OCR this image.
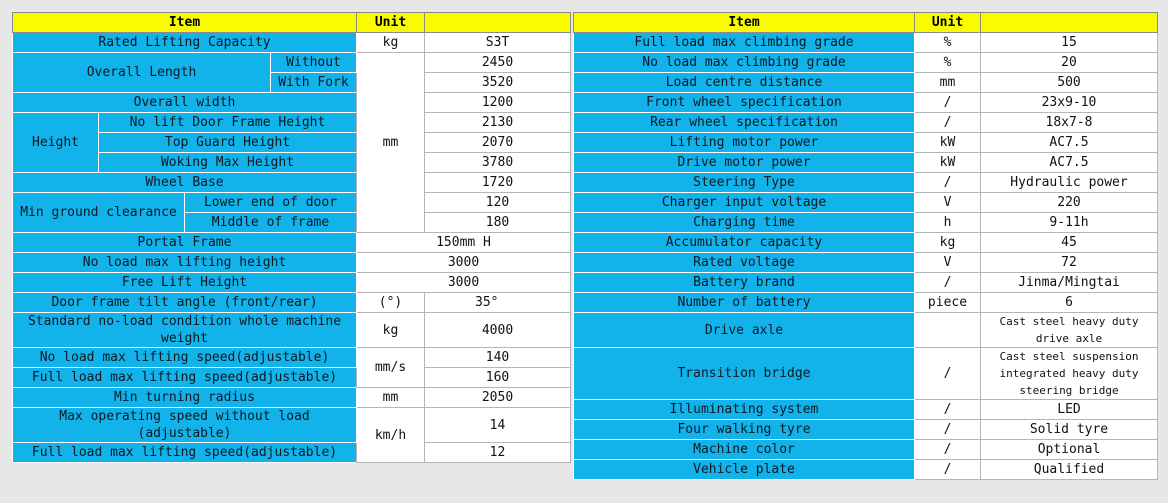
Item				Unit	
Rated Lifting Capacity				kg	S3T
Overall Length			Without	mm	2450
			With Fork		3520
Overall width					1200

Height	No lift Door Frame Height				2130
	Top Guard Height				2070
	Woking Max Height				3780
Wheel Base					1720
Min ground clearance		Lower end of door			120
		Middle of frame			180
Portal Frame				150mm H	
No load max lifting height				3000	
Free Lift Height				3000	
Door frame tilt angle (front/rear)				(°)	35°
Standard no-load condition whole machine weight				kg	4000

No load max lifting speed(adjustable)				mm/s	140
Full load max lifting speed(adjustable)					160
Min turning radius				mm	2050
Max operating speed without load (adjustable)				km/h	14

Full load max lifting speed(adjustable)					12
Item	Unit	
Full load max climbing grade	%	15
No load max climbing grade	%	20
Load centre distance	mm	500
Front wheel specification	/	23x9-10
Rear wheel specification	/	18x7-8
Lifting motor power	kW	AC7.5
Drive motor power	kW	AC7.5
Steering Type	/	Hydraulic power
Charger input voltage	V	220
Charging time	h	9-11h
Accumulator capacity	kg	45
Rated voltage	V	72
Battery brand	/	Jinma/Mingtai
Number of battery	piece	6
Drive axle		Cast steel heavy duty drive axle

Transition bridge	/	Cast steel suspension integrated heavy duty steering bridge

Illuminating system	/	LED
Four walking tyre	/	Solid tyre
Machine color	/	Optional
Vehicle plate	/	Qualified
